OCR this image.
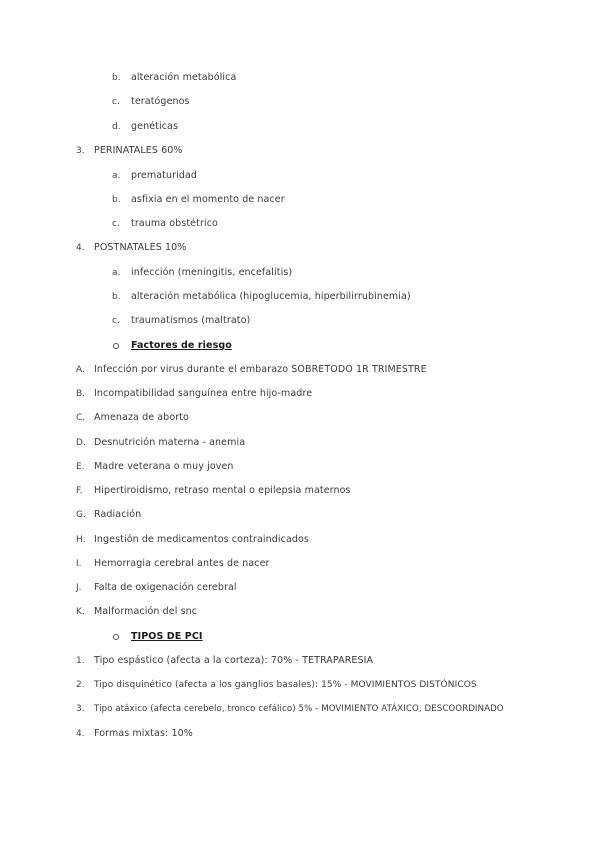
b. alteración metabólica
c. teratógenos
d. genéticas
3. PERINATALES 60%
a. prematuridad
b. asfixia en el momento de nacer
c. trauma obstétrico
4. POSTNATALES 10%
a. infección (meningitis, encefalitis)
b. alteración metabólica (hipoglucemia, hiperbilirrubinemia)
c. traumatismos (maltrato)
Factores de riesgo
A. Infección por virus durante el embarazo SOBRETODO 1R TRIMESTRE
B. Incompatibilidad sanguínea entre hijo-madre
C. Amenaza de aborto
D. Desnutrición materna - anemia
E. Madre veterana o muy joven
F. Hipertiroidismo, retraso mental o epilepsia maternos
G. Radiación
H. Ingestión de medicamentos contraindicados
I. Hemorragia cerebral antes de nacer
J. Falta de oxigenación cerebral
K. Malformación del snc
TIPOS DE PCI
1. Tipo espástico (afecta a la corteza): 70% - TETRAPARESIA
2. Tipo disquinético (afecta a los ganglios basales): 15% - MOVIMIENTOS DISTÓNICOS
3. Tipo atáxico (afecta cerebelo, tronco cefálico) 5% - MOVIMIENTO ATÁXICO, DESCOORDINADO
4. Formas mixtas: 10%
